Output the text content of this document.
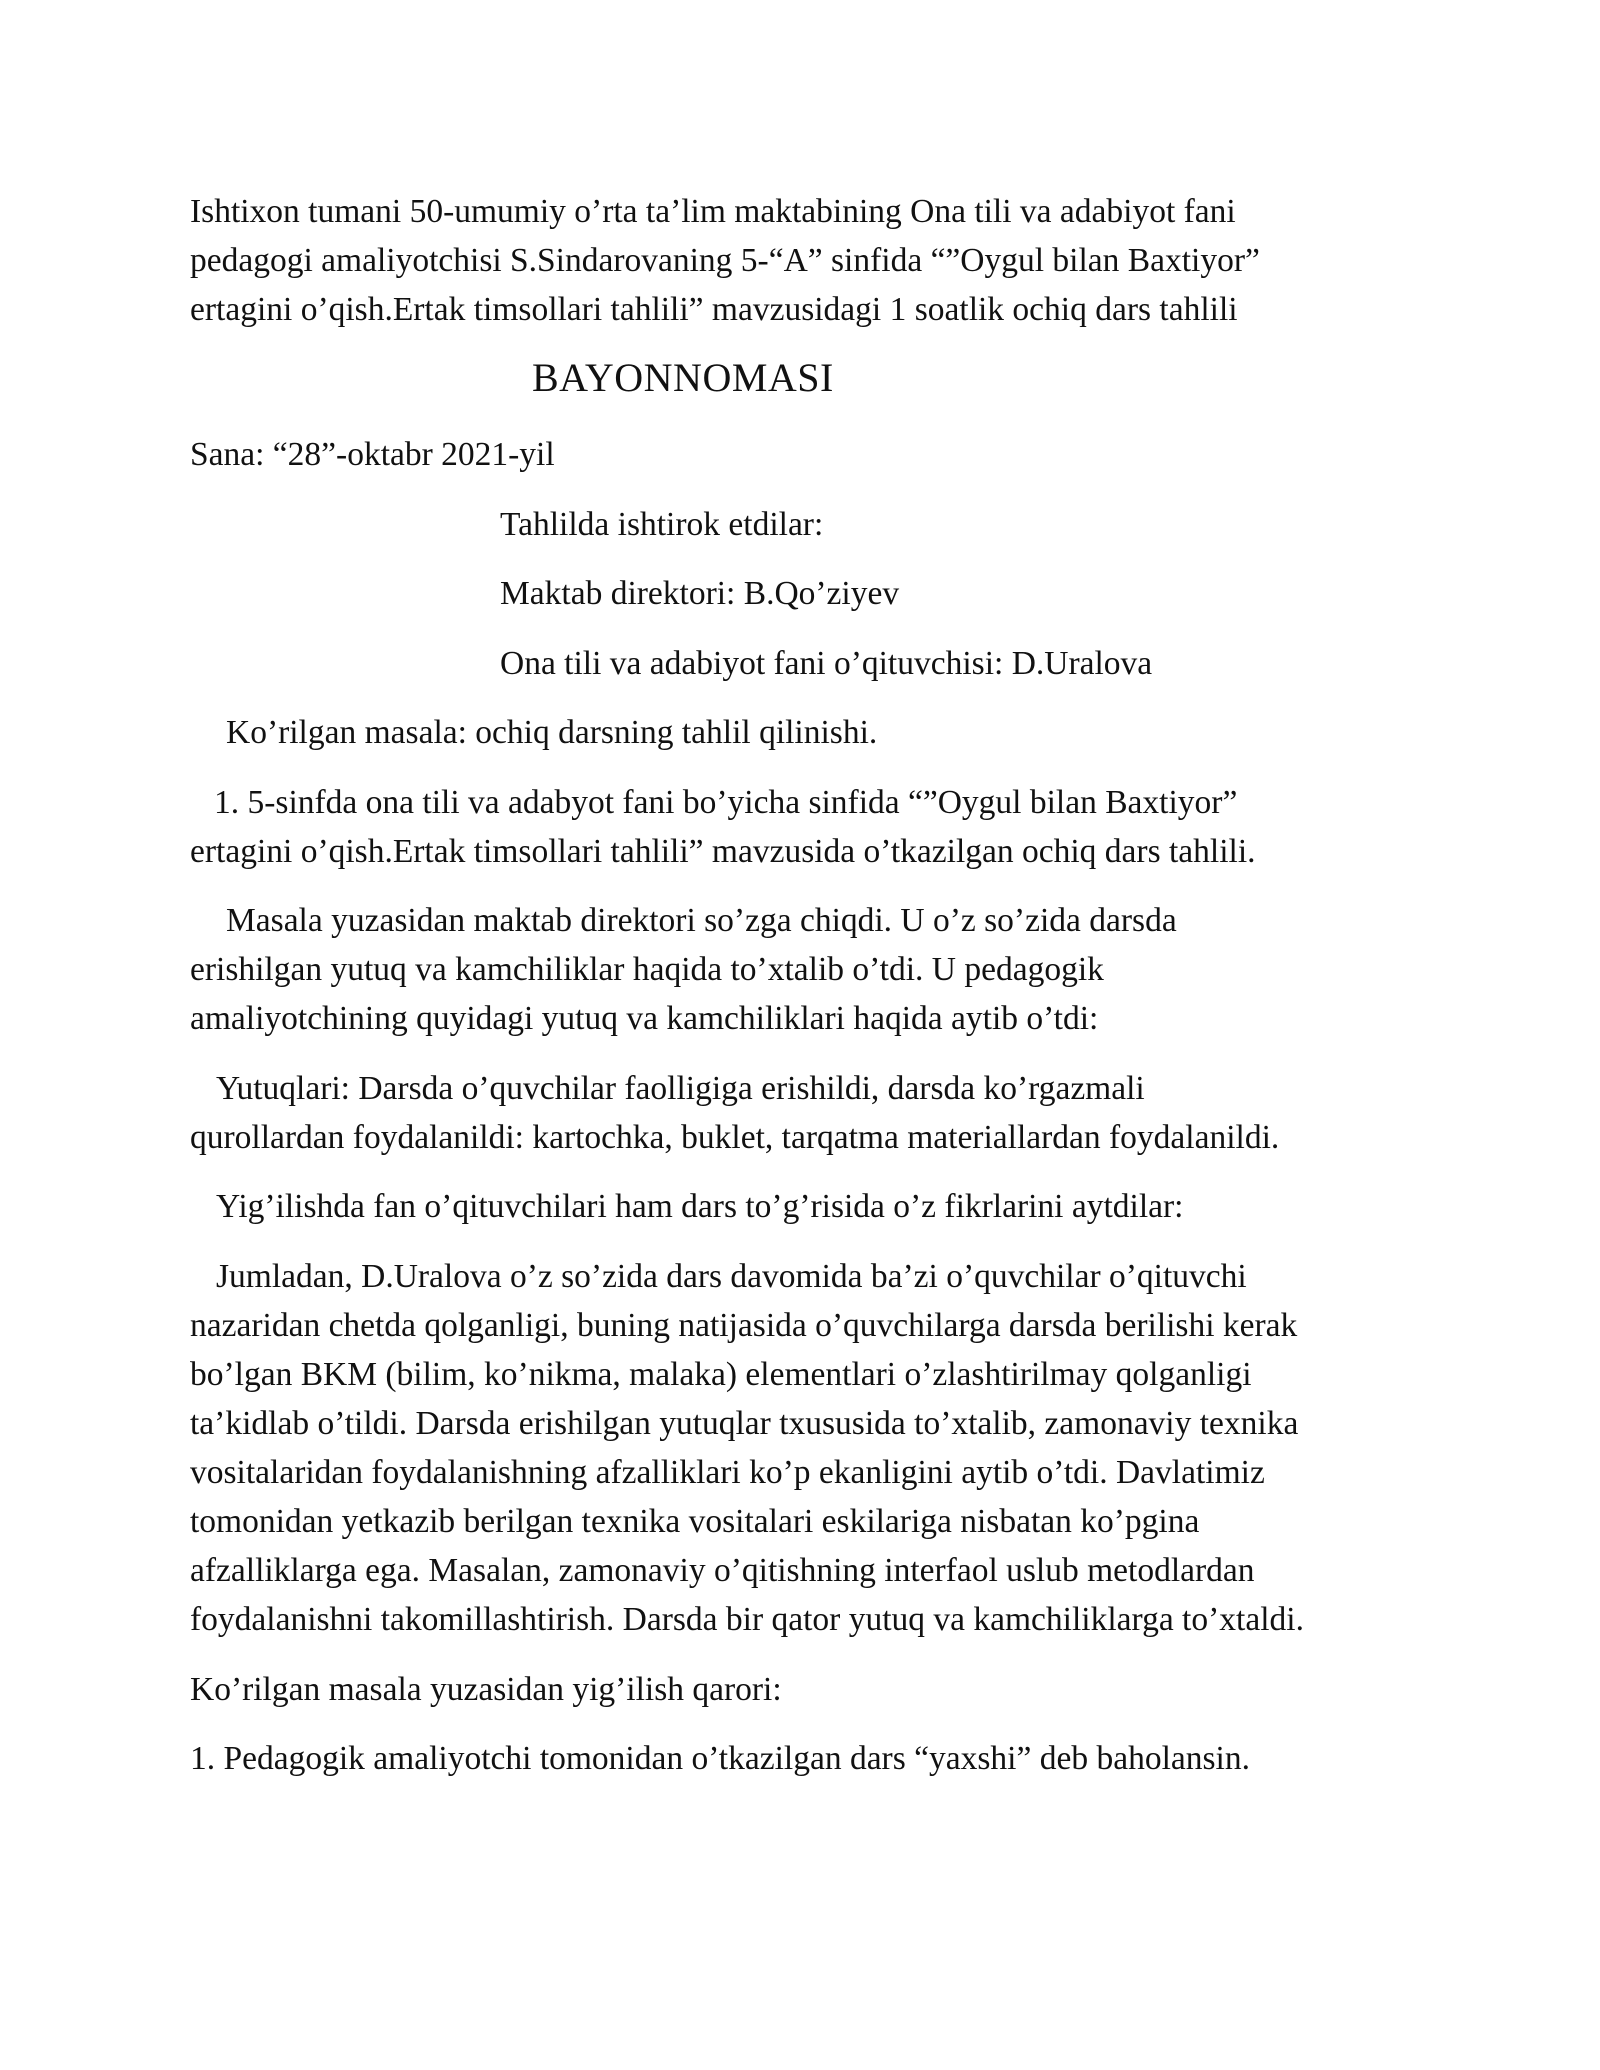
Ishtixon tumani 50-umumiy o’rta ta’lim maktabining Ona tili va adabiyot fani
pedagogi amaliyotchisi S.Sindarovaning 5-“A” sinfida “”Oygul bilan Baxtiyor”
ertagini o’qish.Ertak timsollari tahlili” mavzusidagi 1 soatlik ochiq dars tahlili
BAYONNOMASI
Sana: “28”-oktabr 2021-yil
Tahlilda ishtirok etdilar:
Maktab direktori: B.Qo’ziyev
Ona tili va adabiyot fani o’qituvchisi: D.Uralova
Ko’rilgan masala: ochiq darsning tahlil qilinishi.
1. 5-sinfda ona tili va adabyot fani bo’yicha sinfida “”Oygul bilan Baxtiyor”
ertagini o’qish.Ertak timsollari tahlili” mavzusida o’tkazilgan ochiq dars tahlili.
Masala yuzasidan maktab direktori so’zga chiqdi. U o’z so’zida darsda
erishilgan yutuq va kamchiliklar haqida to’xtalib o’tdi. U pedagogik
amaliyotchining quyidagi yutuq va kamchiliklari haqida aytib o’tdi:
Yutuqlari: Darsda o’quvchilar faolligiga erishildi, darsda ko’rgazmali
qurollardan foydalanildi: kartochka, buklet, tarqatma materiallardan foydalanildi.
Yig’ilishda fan o’qituvchilari ham dars to’g’risida o’z fikrlarini aytdilar:
Jumladan, D.Uralova o’z so’zida dars davomida ba’zi o’quvchilar o’qituvchi
nazaridan chetda qolganligi, buning natijasida o’quvchilarga darsda berilishi kerak
bo’lgan BKM (bilim, ko’nikma, malaka) elementlari o’zlashtirilmay qolganligi
ta’kidlab o’tildi. Darsda erishilgan yutuqlar txususida to’xtalib, zamonaviy texnika
vositalaridan foydalanishning afzalliklari ko’p ekanligini aytib o’tdi. Davlatimiz
tomonidan yetkazib berilgan texnika vositalari eskilariga nisbatan ko’pgina
afzalliklarga ega. Masalan, zamonaviy o’qitishning interfaol uslub metodlardan
foydalanishni takomillashtirish. Darsda bir qator yutuq va kamchiliklarga to’xtaldi.
Ko’rilgan masala yuzasidan yig’ilish qarori:
1. Pedagogik amaliyotchi tomonidan o’tkazilgan dars “yaxshi” deb baholansin.
